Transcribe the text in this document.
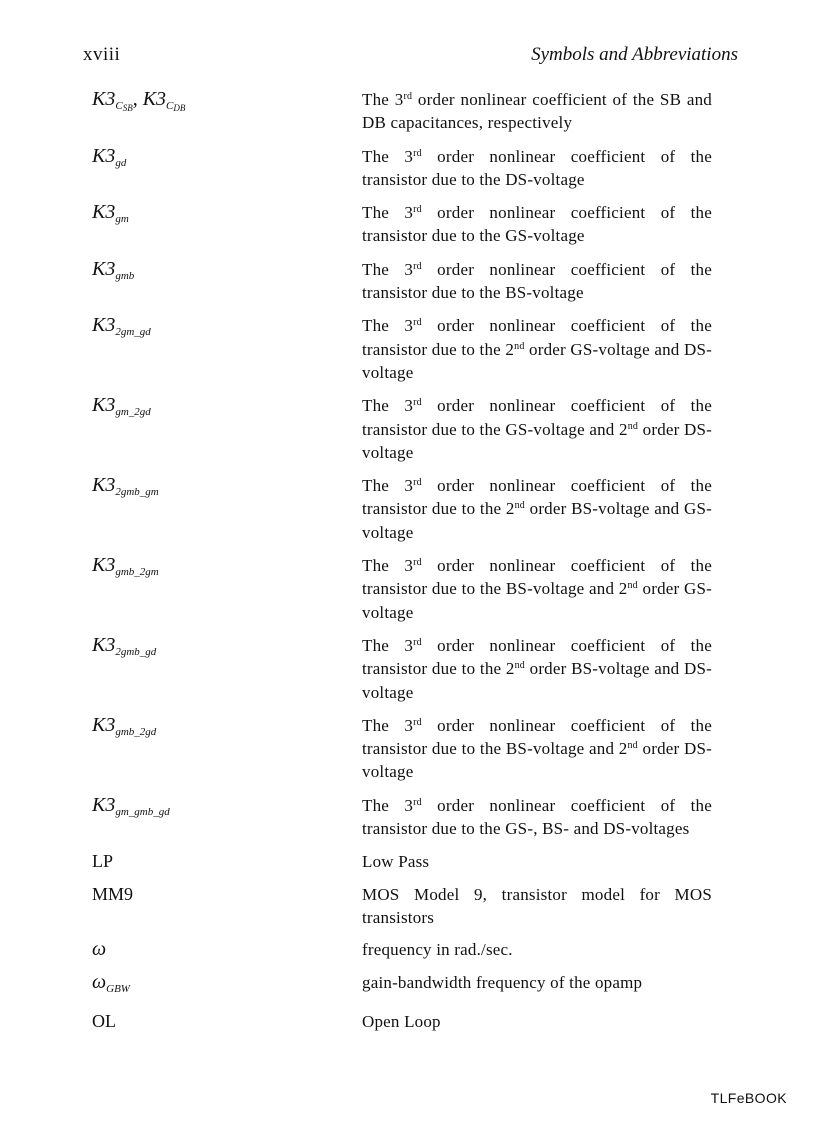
xviii	Symbols and Abbreviations
$K3_{C_{SB}}$, $K3_{C_{DB}}$	The 3rd order nonlinear coefficient of the SB and DB capacitances, respectively
$K3_{gd}$	The 3rd order nonlinear coefficient of the transistor due to the DS-voltage
$K3_{gm}$	The 3rd order nonlinear coefficient of the transistor due to the GS-voltage
$K3_{gmb}$	The 3rd order nonlinear coefficient of the transistor due to the BS-voltage
$K3_{2gm\_gd}$	The 3rd order nonlinear coefficient of the transistor due to the 2nd order GS-voltage and DS-voltage
$K3_{gm\_2gd}$	The 3rd order nonlinear coefficient of the transistor due to the GS-voltage and 2nd order DS-voltage
$K3_{2gmb\_gm}$	The 3rd order nonlinear coefficient of the transistor due to the 2nd order BS-voltage and GS-voltage
$K3_{gmb\_2gm}$	The 3rd order nonlinear coefficient of the transistor due to the BS-voltage and 2nd order GS-voltage
$K3_{2gmb\_gd}$	The 3rd order nonlinear coefficient of the transistor due to the 2nd order BS-voltage and DS-voltage
$K3_{gmb\_2gd}$	The 3rd order nonlinear coefficient of the transistor due to the BS-voltage and 2nd order DS-voltage
$K3_{gm\_gmb\_gd}$	The 3rd order nonlinear coefficient of the transistor due to the GS-, BS- and DS-voltages
LP	Low Pass
MM9	MOS Model 9, transistor model for MOS transistors
ω	frequency in rad./sec.
$\omega_{GBW}$	gain-bandwidth frequency of the opamp
OL	Open Loop
TLFeBOOK
